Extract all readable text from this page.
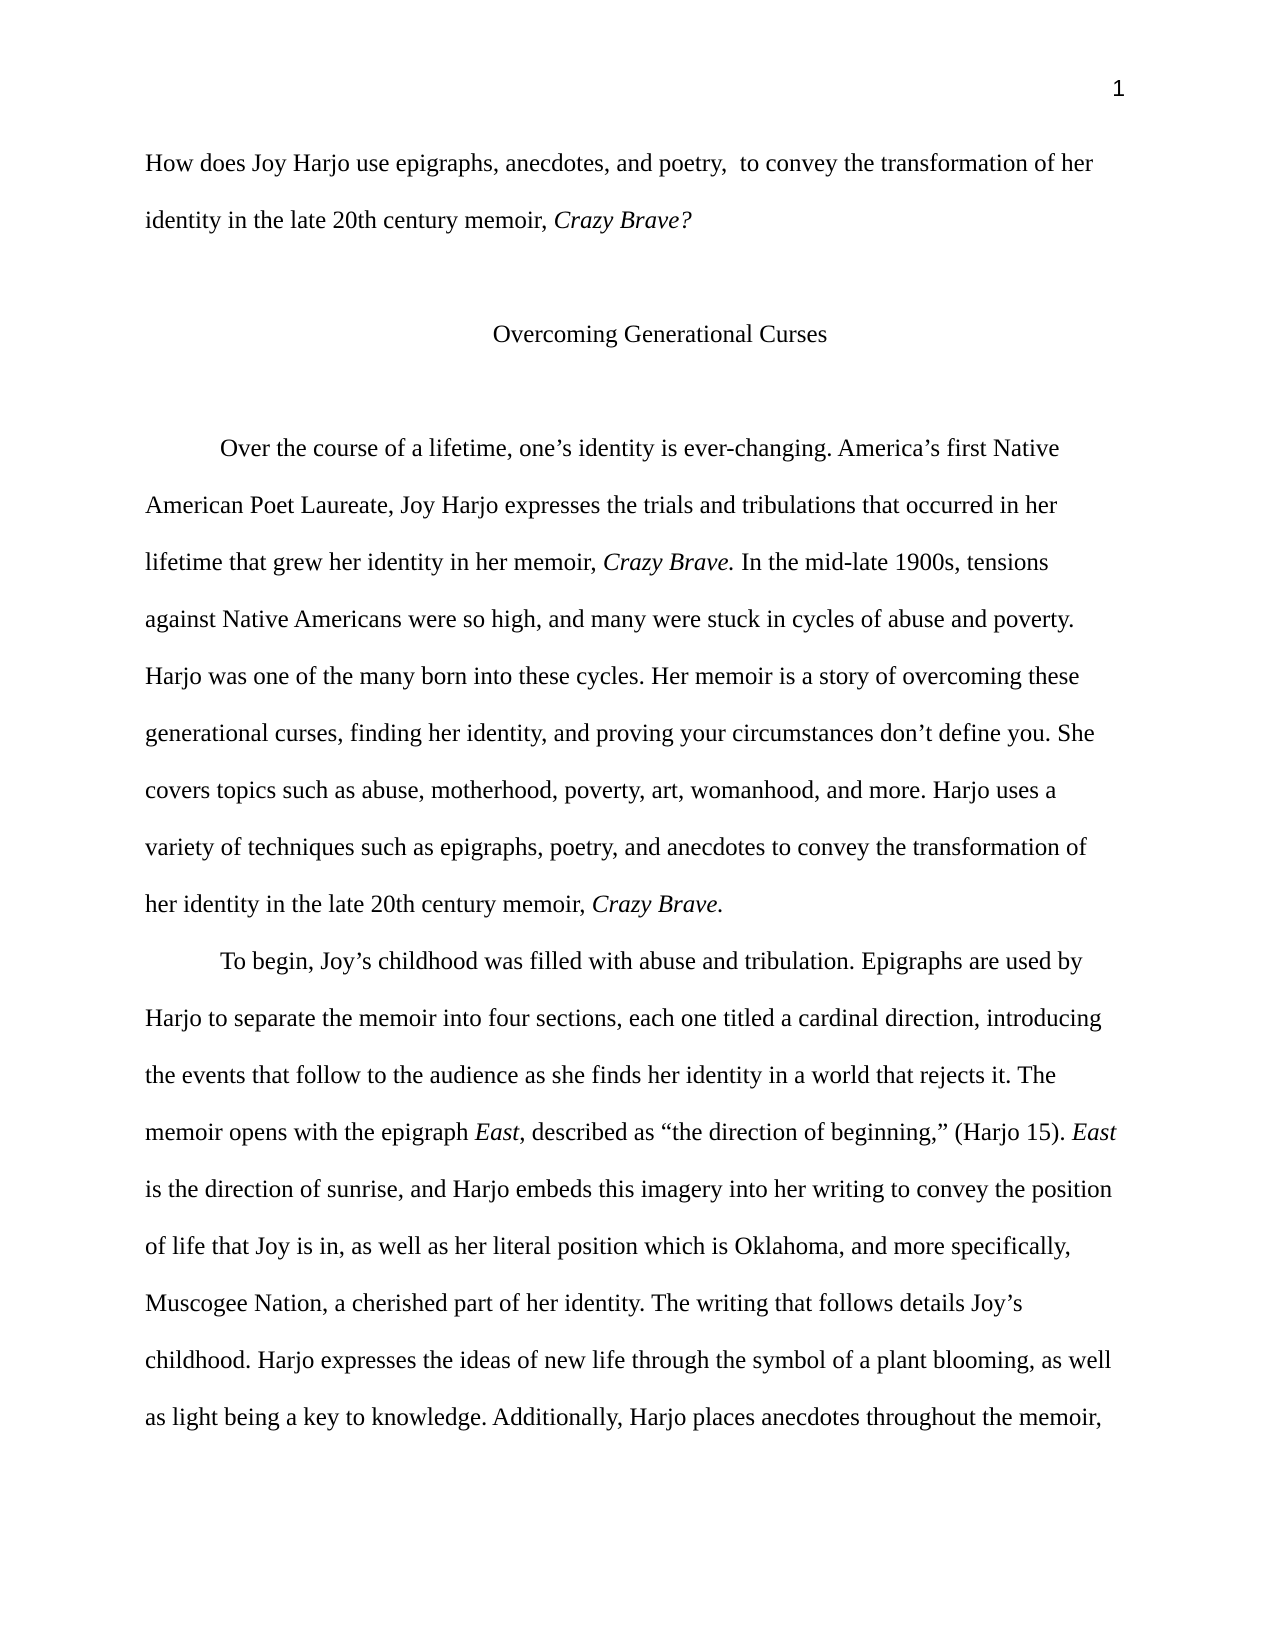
1
How does Joy Harjo use epigraphs, anecdotes, and poetry,  to convey the transformation of her
identity in the late 20th century memoir, Crazy Brave?
Overcoming Generational Curses
Over the course of a lifetime, one’s identity is ever-changing. America’s first Native
American Poet Laureate, Joy Harjo expresses the trials and tribulations that occurred in her
lifetime that grew her identity in her memoir, Crazy Brave. In the mid-late 1900s, tensions
against Native Americans were so high, and many were stuck in cycles of abuse and poverty.
Harjo was one of the many born into these cycles. Her memoir is a story of overcoming these
generational curses, finding her identity, and proving your circumstances don’t define you. She
covers topics such as abuse, motherhood, poverty, art, womanhood, and more. Harjo uses a
variety of techniques such as epigraphs, poetry, and anecdotes to convey the transformation of
her identity in the late 20th century memoir, Crazy Brave.
To begin, Joy’s childhood was filled with abuse and tribulation. Epigraphs are used by
Harjo to separate the memoir into four sections, each one titled a cardinal direction, introducing
the events that follow to the audience as she finds her identity in a world that rejects it. The
memoir opens with the epigraph East, described as “the direction of beginning,” (Harjo 15). East
is the direction of sunrise, and Harjo embeds this imagery into her writing to convey the position
of life that Joy is in, as well as her literal position which is Oklahoma, and more specifically,
Muscogee Nation, a cherished part of her identity. The writing that follows details Joy’s
childhood. Harjo expresses the ideas of new life through the symbol of a plant blooming, as well
as light being a key to knowledge. Additionally, Harjo places anecdotes throughout the memoir,
